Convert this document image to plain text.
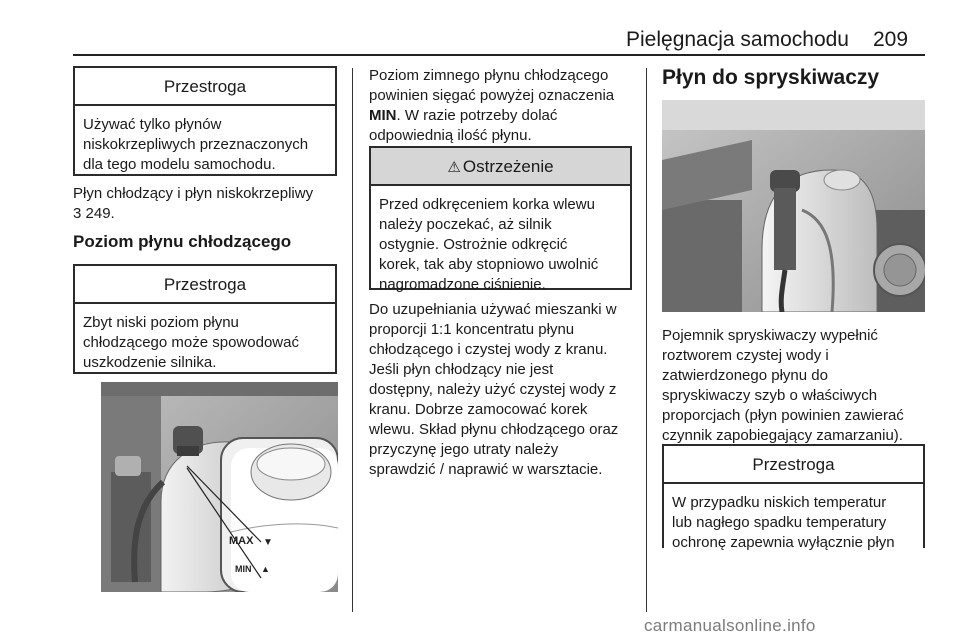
Pielęgnacja samochodu 209
Przestroga
Używać tylko płynów
niskokrzepliwych przeznaczonych
dla tego modelu samochodu.
Płyn chłodzący i płyn niskokrzepliwy
3 249.
Poziom płynu chłodzącego
Przestroga
Zbyt niski poziom płynu
chłodzącego może spowodować
uszkodzenie silnika.
MAX ▼
MIN ▲
Poziom zimnego płynu chłodzącego
powinien sięgać powyżej oznaczenia
MIN. W razie potrzeby dolać
odpowiednią ilość płynu.
⚠ Ostrzeżenie
Przed odkręceniem korka wlewu
należy poczekać, aż silnik
ostygnie. Ostrożnie odkręcić
korek, tak aby stopniowo uwolnić
nagromadzone ciśnienie.
Do uzupełniania używać mieszanki w
proporcji 1:1 koncentratu płynu
chłodzącego i czystej wody z kranu.
Jeśli płyn chłodzący nie jest
dostępny, należy użyć czystej wody z
kranu. Dobrze zamocować korek
wlewu. Skład płynu chłodzącego oraz
przyczynę jego utraty należy
sprawdzić / naprawić w warsztacie.
Płyn do spryskiwaczy
Pojemnik spryskiwaczy wypełnić
roztworem czystej wody i
zatwierdzonego płynu do
spryskiwaczy szyb o właściwych
proporcjach (płyn powinien zawierać
czynnik zapobiegający zamarzaniu).
Przestroga
W przypadku niskich temperatur
lub nagłego spadku temperatury
ochronę zapewnia wyłącznie płyn
carmanualsonline.info
